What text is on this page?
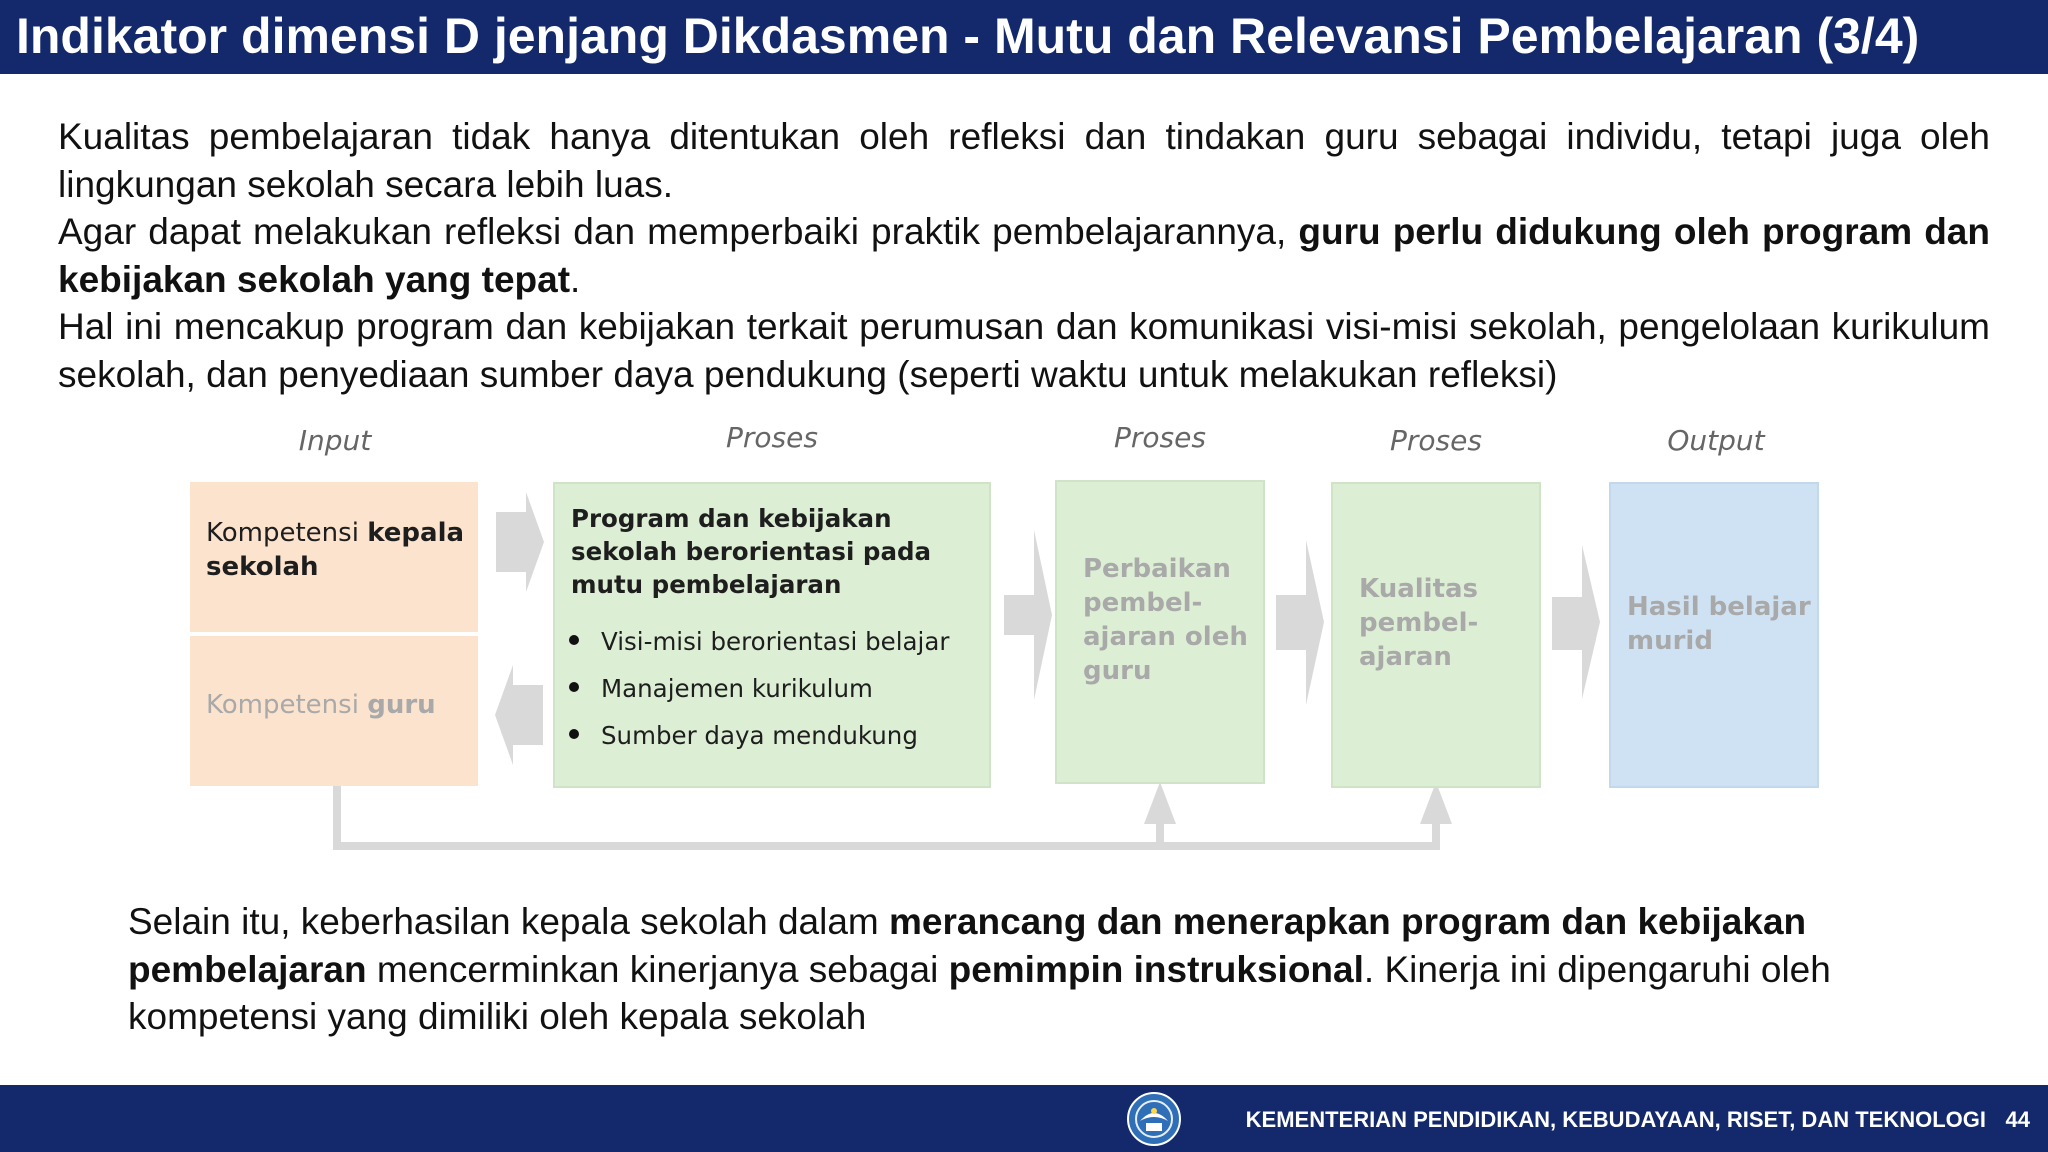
Indikator dimensi D jenjang Dikdasmen - Mutu dan Relevansi Pembelajaran (3/4)

Kualitas pembelajaran tidak hanya ditentukan oleh refleksi dan tindakan guru sebagai individu, tetapi juga oleh lingkungan sekolah secara lebih luas.

Agar dapat melakukan refleksi dan memperbaiki praktik pembelajarannya, guru perlu didukung oleh program dan kebijakan sekolah yang tepat.

Hal ini mencakup program dan kebijakan terkait perumusan dan komunikasi visi-misi sekolah, pengelolaan kurikulum sekolah, dan penyediaan sumber daya pendukung (seperti waktu untuk melakukan refleksi)

Input	Proses	Proses	Proses	Output
Kompetensi kepala
sekolah
Kompetensi guru
Program dan kebijakan sekolah berorientasi pada mutu pembelajaran
Visi-misi berorientasi belajar
Manajemen kurikulum
Sumber daya mendukung
Perbaikan
pembel-
ajaran oleh
guru
Kualitas
pembel-
ajaran
Hasil belajar
murid
Selain itu, keberhasilan kepala sekolah dalam merancang dan menerapkan program dan kebijakan pembelajaran mencerminkan kinerjanya sebagai pemimpin instruksional. Kinerja ini dipengaruhi oleh kompetensi yang dimiliki oleh kepala sekolah
KEMENTERIAN PENDIDIKAN, KEBUDAYAAN, RISET, DAN TEKNOLOGI 44
